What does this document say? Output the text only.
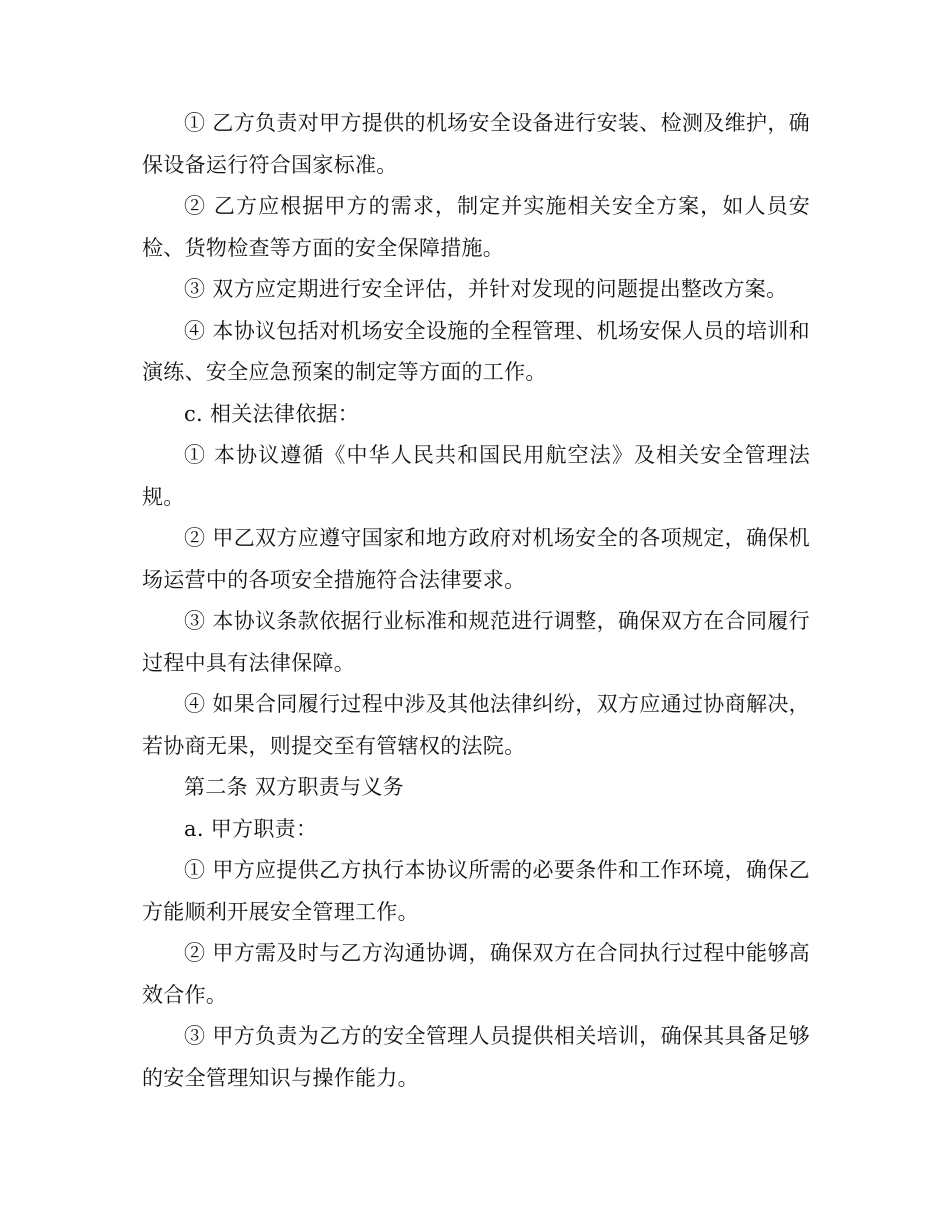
① 乙方负责对甲方提供的机场安全设备进行安装、检测及维护，确保设备运行符合国家标准。

② 乙方应根据甲方的需求，制定并实施相关安全方案，如人员安检、货物检查等方面的安全保障措施。

③ 双方应定期进行安全评估，并针对发现的问题提出整改方案。

④ 本协议包括对机场安全设施的全程管理、机场安保人员的培训和演练、安全应急预案的制定等方面的工作。

c. 相关法律依据：

① 本协议遵循《中华人民共和国民用航空法》及相关安全管理法规。

② 甲乙双方应遵守国家和地方政府对机场安全的各项规定，确保机场运营中的各项安全措施符合法律要求。

③ 本协议条款依据行业标准和规范进行调整，确保双方在合同履行过程中具有法律保障。

④ 如果合同履行过程中涉及其他法律纠纷，双方应通过协商解决，若协商无果，则提交至有管辖权的法院。

第二条 双方职责与义务

a. 甲方职责：

① 甲方应提供乙方执行本协议所需的必要条件和工作环境，确保乙方能顺利开展安全管理工作。

② 甲方需及时与乙方沟通协调，确保双方在合同执行过程中能够高效合作。

③ 甲方负责为乙方的安全管理人员提供相关培训，确保其具备足够的安全管理知识与操作能力。
